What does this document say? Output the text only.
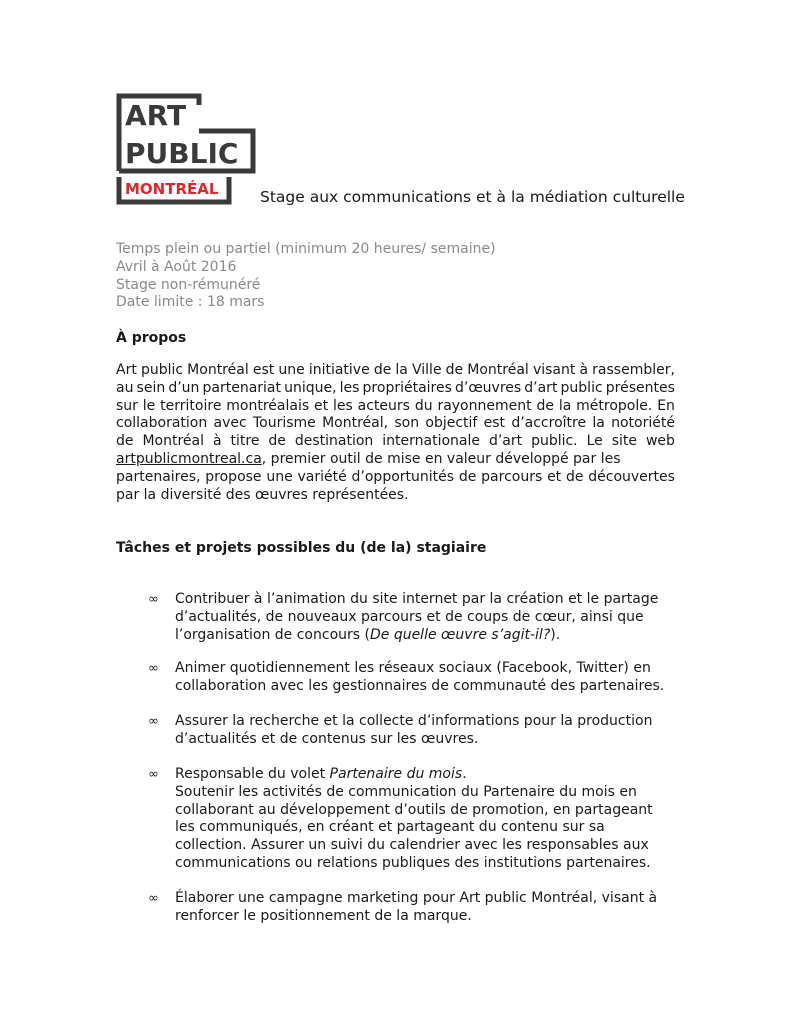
ART
PUBLIC
MONTRÉAL	Stage aux communications et à la médiation culturelle
Temps plein ou partiel (minimum 20 heures/ semaine)
Avril à Août 2016
Stage non-rémunéré
Date limite : 18 mars
À propos
Art public Montréal est une initiative de la Ville de Montréal visant à rassembler,
au sein d’un partenariat unique, les propriétaires d’œuvres d’art public présentes
sur le territoire montréalais et les acteurs du rayonnement de la métropole. En
collaboration avec Tourisme Montréal, son objectif est d’accroître la notoriété
de Montréal à titre de destination internationale d’art public. Le site web
artpublicmontreal.ca , premier outil de mise en valeur développé par les
partenaires, propose une variété d’opportunités de parcours et de découvertes
par la diversité des œuvres représentées.
Tâches et projets possibles du (de la) stagiaire
∞ Contribuer à l’animation du site internet par la création et le partage
d’actualités, de nouveaux parcours et de coups de cœur, ainsi que
l’organisation de concours (De quelle œuvre s’agit-il?).
∞ Animer quotidiennement les réseaux sociaux (Facebook, Twitter) en
collaboration avec les gestionnaires de communauté des partenaires.
∞ Assurer la recherche et la collecte d’informations pour la production
d’actualités et de contenus sur les œuvres.
∞ Responsable du volet Partenaire du mois.
Soutenir les activités de communication du Partenaire du mois en
collaborant au développement d’outils de promotion, en partageant
les communiqués, en créant et partageant du contenu sur sa
collection. Assurer un suivi du calendrier avec les responsables aux
communications ou relations publiques des institutions partenaires.
∞ Élaborer une campagne marketing pour Art public Montréal, visant à
renforcer le positionnement de la marque.
